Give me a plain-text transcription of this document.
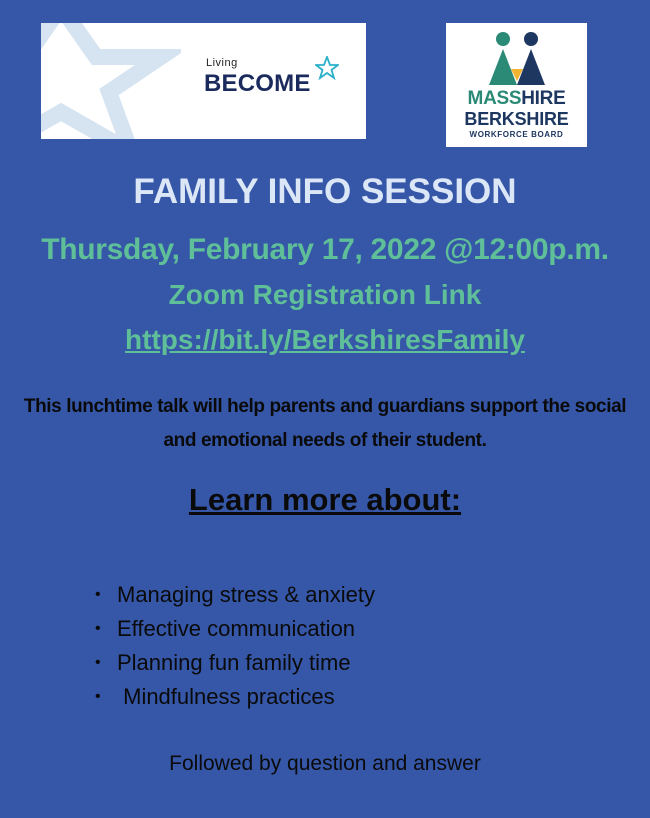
Living
BECOME
MASSHIRE
BERKSHIRE
WORKFORCE BOARD
FAMILY INFO SESSION
Thursday, February 17, 2022 @12:00p.m.
Zoom Registration Link
https://bit.ly/BerkshiresFamily
This lunchtime talk will help parents and guardians support the social and emotional needs of their student.
Learn more about:
• Managing stress & anxiety
• Effective communication
• Planning fun family time
• Mindfulness practices
Followed by question and answer
